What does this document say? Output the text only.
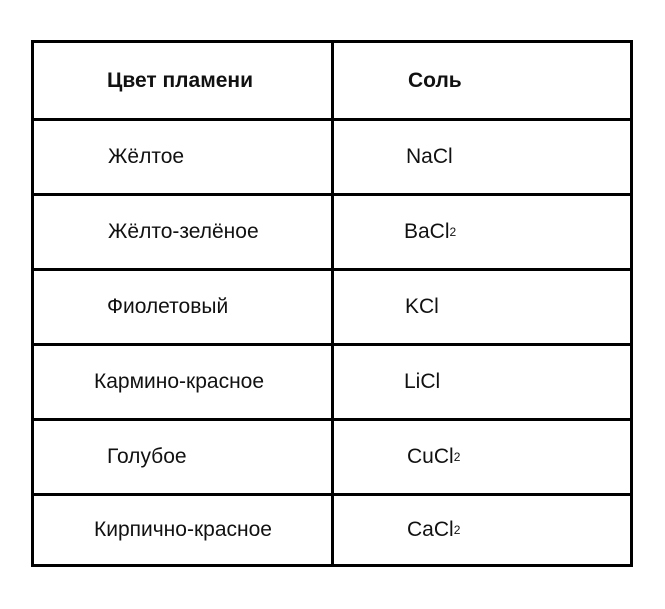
Цвет пламени	Соль
Жёлтое	NaCl
Жёлто-зелёное	BaCl 2
Фиолетовый	KCl
Кармино-красное	LiCl
Голубое	CuCl 2
Кирпично-красное	CaCl 2
